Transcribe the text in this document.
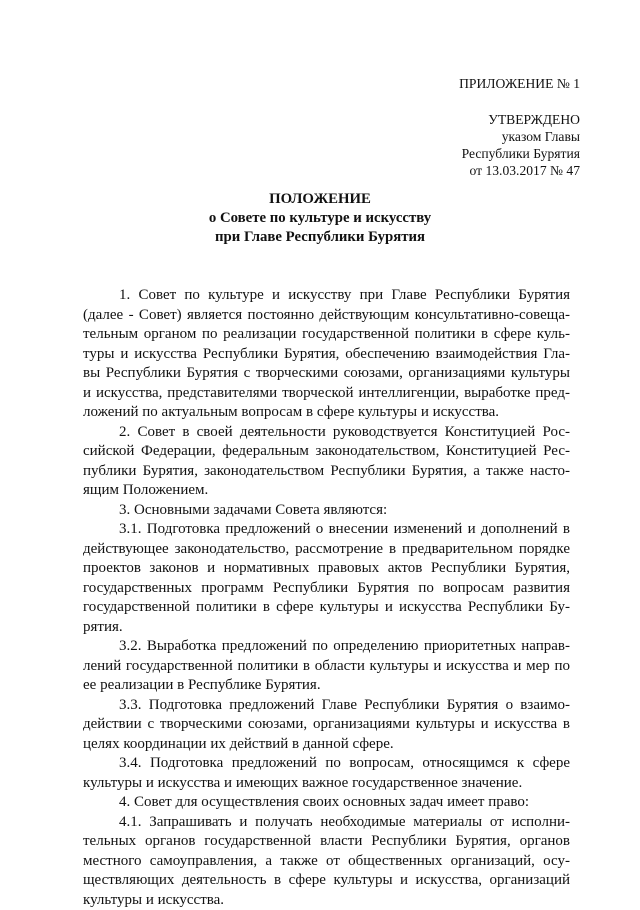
ПРИЛОЖЕНИЕ № 1
УТВЕРЖДЕНО
указом Главы
Республики Бурятия
от 13.03.2017 № 47
ПОЛОЖЕНИЕ
о Совете по культуре и искусству
при Главе Республики Бурятия
1. Совет по культуре и искусству при Главе Республики Бурятия
(далее - Совет) является постоянно действующим консультативно-совеща-
тельным органом по реализации государственной политики в сфере куль-
туры и искусства Республики Бурятия, обеспечению взаимодействия Гла-
вы Республики Бурятия с творческими союзами, организациями культуры
и искусства, представителями творческой интеллигенции, выработке пред-
ложений по актуальным вопросам в сфере культуры и искусства.
2. Совет в своей деятельности руководствуется Конституцией Рос-
сийской Федерации, федеральным законодательством, Конституцией Рес-
публики Бурятия, законодательством Республики Бурятия, а также насто-
ящим Положением.
3. Основными задачами Совета являются:
3.1. Подготовка предложений о внесении изменений и дополнений в
действующее законодательство, рассмотрение в предварительном порядке
проектов законов и нормативных правовых актов Республики Бурятия,
государственных программ Республики Бурятия по вопросам развития
государственной политики в сфере культуры и искусства Республики Бу-
рятия.
3.2. Выработка предложений по определению приоритетных направ-
лений государственной политики в области культуры и искусства и мер по
ее реализации в Республике Бурятия.
3.3. Подготовка предложений Главе Республики Бурятия о взаимо-
действии с творческими союзами, организациями культуры и искусства в
целях координации их действий в данной сфере.
3.4. Подготовка предложений по вопросам, относящимся к сфере
культуры и искусства и имеющих важное государственное значение.
4. Совет для осуществления своих основных задач имеет право:
4.1. Запрашивать и получать необходимые материалы от исполни-
тельных органов государственной власти Республики Бурятия, органов
местного самоуправления, а также от общественных организаций, осу-
ществляющих деятельность в сфере культуры и искусства, организаций
культуры и искусства.
